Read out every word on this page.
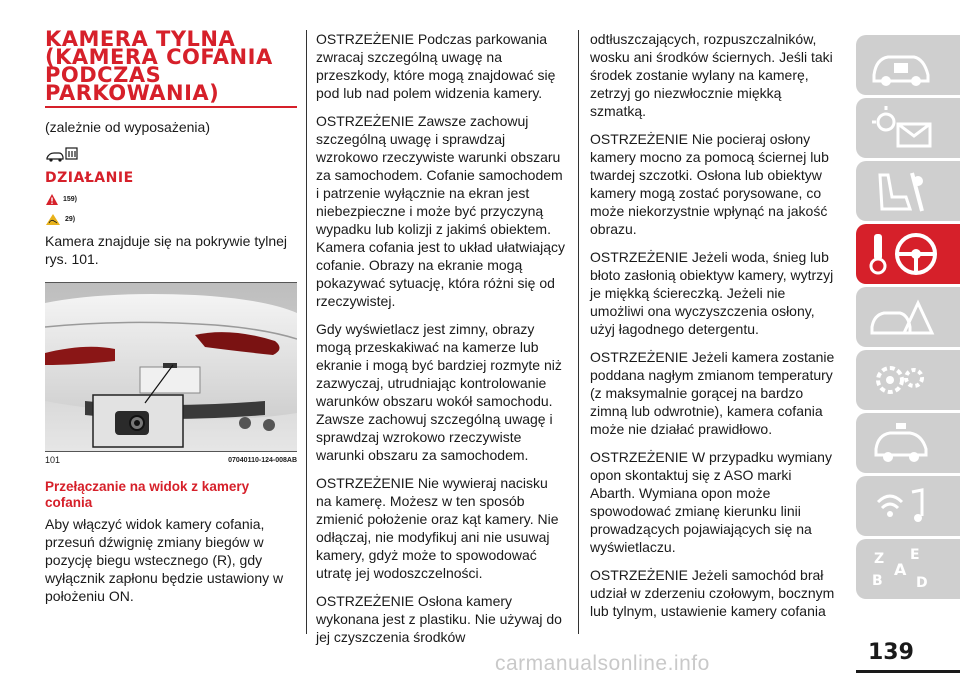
KAMERA TYLNA
(KAMERA COFANIA
PODCZAS
PARKOWANIA)

(zależnie od wyposażenia)

DZIAŁANIE
159)
29)

Kamera znajduje się na pokrywie tylnej rys. 101.

101	07040110-124-008AB
Przełączanie na widok z kamery cofania

Aby włączyć widok kamery cofania, przesuń dźwignię zmiany biegów w pozycję biegu wstecznego (R), gdy wyłącznik zapłonu będzie ustawiony w położeniu ON.

OSTRZEŻENIE Podczas parkowania zwracaj szczególną uwagę na przeszkody, które mogą znajdować się pod lub nad polem widzenia kamery.

OSTRZEŻENIE Zawsze zachowuj szczególną uwagę i sprawdzaj wzrokowo rzeczywiste warunki obszaru za samochodem. Cofanie samochodem i patrzenie wyłącznie na ekran jest niebezpieczne i może być przyczyną wypadku lub kolizji z jakimś obiektem. Kamera cofania jest to układ ułatwiający cofanie. Obrazy na ekranie mogą pokazywać sytuację, która różni się od rzeczywistej.

Gdy wyświetlacz jest zimny, obrazy mogą przeskakiwać na kamerze lub ekranie i mogą być bardziej rozmyte niż zazwyczaj, utrudniając kontrolowanie warunków obszaru wokół samochodu. Zawsze zachowuj szczególną uwagę i sprawdzaj wzrokowo rzeczywiste warunki obszaru za samochodem.

OSTRZEŻENIE Nie wywieraj nacisku na kamerę. Możesz w ten sposób zmienić położenie oraz kąt kamery. Nie odłączaj, nie modyfikuj ani nie usuwaj kamery, gdyż może to spowodować utratę jej wodoszczelności.

OSTRZEŻENIE Osłona kamery wykonana jest z plastiku. Nie używaj do jej czyszczenia środków

odtłuszczających, rozpuszczalników, wosku ani środków ściernych. Jeśli taki środek zostanie wylany na kamerę, zetrzyj go niezwłocznie miękką szmatką.

OSTRZEŻENIE Nie pocieraj osłony kamery mocno za pomocą ściernej lub twardej szczotki. Osłona lub obiektyw kamery mogą zostać porysowane, co może niekorzystnie wpłynąć na jakość obrazu.

OSTRZEŻENIE Jeżeli woda, śnieg lub błoto zasłonią obiektyw kamery, wytrzyj je miękką ściereczką. Jeżeli nie umożliwi ona wyczyszczenia osłony, użyj łagodnego detergentu.

OSTRZEŻENIE Jeżeli kamera zostanie poddana nagłym zmianom temperatury (z maksymalnie gorącej na bardzo zimną lub odwrotnie), kamera cofania może nie działać prawidłowo.

OSTRZEŻENIE W przypadku wymiany opon skontaktuj się z ASO marki Abarth. Wymiana opon może spowodować zmianę kierunku linii prowadzących pojawiających się na wyświetlaczu.

OSTRZEŻENIE Jeżeli samochód brał udział w zderzeniu czołowym, bocznym lub tylnym, ustawienie kamery cofania

Z E
A
B D
139
carmanualsonline.info
